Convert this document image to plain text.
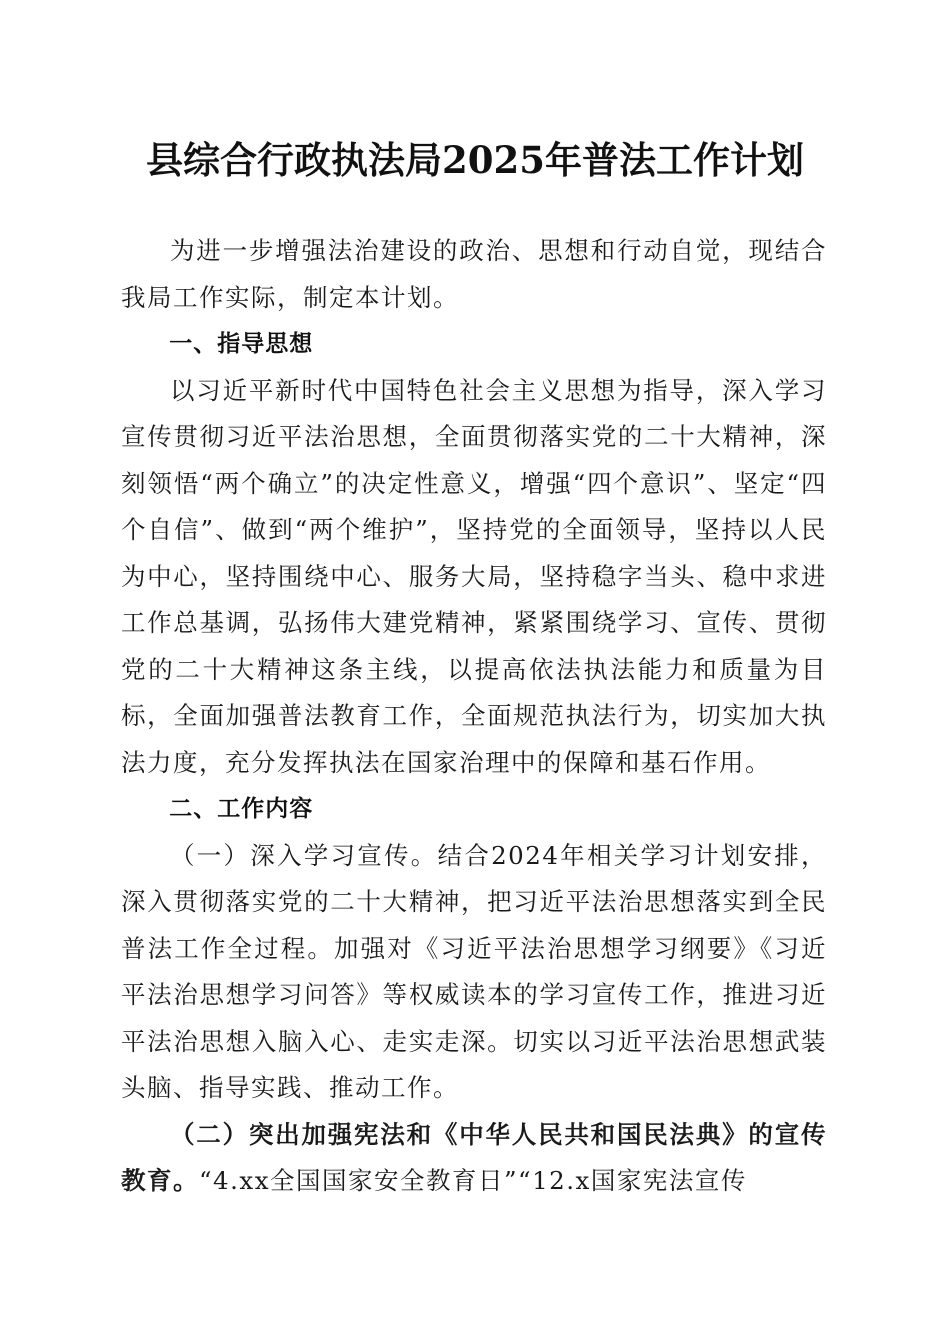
县综合行政执法局2025年普法工作计划

为进一步增强法治建设的政治、思想和行动自觉，现结合我局工作实际，制定本计划。

一、指导思想

以习近平新时代中国特色社会主义思想为指导，深入学习宣传贯彻习近平法治思想，全面贯彻落实党的二十大精神，深刻领悟“两个确立”的决定性意义，增强“四个意识”、坚定“四个自信”、做到“两个维护”，坚持党的全面领导，坚持以人民为中心，坚持围绕中心、服务大局，坚持稳字当头、稳中求进工作总基调，弘扬伟大建党精神，紧紧围绕学习、宣传、贯彻党的二十大精神这条主线，以提高依法执法能力和质量为目标，全面加强普法教育工作，全面规范执法行为，切实加大执法力度，充分发挥执法在国家治理中的保障和基石作用。

二、工作内容

（一）深入学习宣传。结合2024年相关学习计划安排，深入贯彻落实党的二十大精神，把习近平法治思想落实到全民普法工作全过程。加强对《习近平法治思想学习纲要》《习近平法治思想学习问答》等权威读本的学习宣传工作，推进习近平法治思想入脑入心、走实走深。切实以习近平法治思想武装头脑、指导实践、推动工作。

（二）突出加强宪法和《中华人民共和国民法典》的宣传教育。“4.xx全国国家安全教育日”“12.x国家宪法宣传
